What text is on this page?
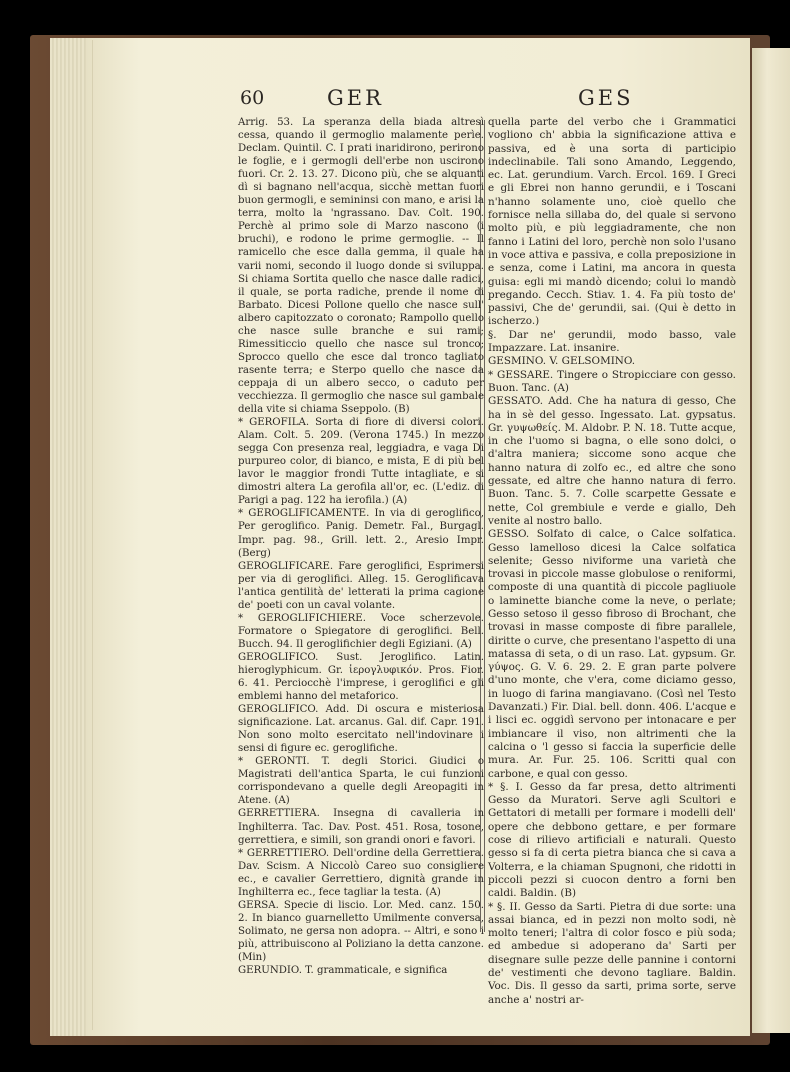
60	GER	GES

Arrig. 53. La speranza della biada altresì cessa, quando il germoglio malamente perìe. Declam. Quintil. C. I prati inaridirono, perirono le foglie, e i germogli dell'erbe non uscirono fuori. Cr. 2. 13. 27. Dicono più, che se alquanti dì si bagnano nell'acqua, sicchè mettan fuori buon germogli, e semininsi con mano, e arisi la terra, molto la 'ngrassano. Dav. Colt. 190. Perchè al primo sole di Marzo nascono (i bruchi), e rodono le prime germoglie. -- Il ramicello che esce dalla gemma, il quale ha varii nomi, secondo il luogo donde si sviluppa. Si chiama Sortita quello che nasce dalle radici, il quale, se porta radiche, prende il nome di Barbato. Dicesi Pollone quello che nasce sull' albero capitozzato o coronato; Rampollo quello che nasce sulle branche e sui rami; Rimessiticcio quello che nasce sul tronco; Sprocco quello che esce dal tronco tagliato rasente terra; e Sterpo quello che nasce da ceppaja di un albero secco, o caduto per vecchiezza. Il germoglio che nasce sul gambale della vite si chiama Sseppolo. (B)

* GEROFILA. Sorta di fiore di diversi colori. Alam. Colt. 5. 209. (Verona 1745.) In mezzo segga Con presenza real, leggiadra, e vaga Di purpureo color, di bianco, e mista, E di più bel lavor le maggior frondi Tutte intagliate, e si dimostri altera La gerofila all'or, ec. (L'ediz. di Parigi a pag. 122 ha ierofila.) (A)

* GEROGLIFICAMENTE. In via di geroglifico, Per geroglifico. Panig. Demetr. Fal., Burgagl. Impr. pag. 98., Grill. lett. 2., Aresio Impr. (Berg)

GEROGLIFICARE. Fare geroglifici, Esprimersi per via di geroglifici. Alleg. 15. Geroglificava l'antica gentilità de' letterati la prima cagione de' poeti con un caval volante.

* GEROGLIFICHIERE. Voce scherzevole. Formatore o Spiegatore di geroglifici. Bell. Bucch. 94. Il geroglifichier degli Egiziani. (A)

GEROGLIFICO. Sust. Jeroglifico. Latin. hieroglyphicum. Gr. ἱερογλυφικόν. Pros. Fior. 6. 41. Perciocchè l'imprese, i geroglifici e gli emblemi hanno del metaforico.

GEROGLIFICO. Add. Di oscura e misteriosa significazione. Lat. arcanus. Gal. dif. Capr. 191. Non sono molto esercitato nell'indovinare i sensi di figure ec. geroglifiche.

* GERONTI. T. degli Storici. Giudici o Magistrati dell'antica Sparta, le cui funzioni corrispondevano a quelle degli Areopagiti in Atene. (A)

GERRETTIERA. Insegna di cavalleria in Inghilterra. Tac. Dav. Post. 451. Rosa, tosone, gerrettiera, e simili, son grandi onori e favori.

* GERRETTIERO. Dell'ordine della Gerrettiera. Dav. Scism. A Niccolò Careo suo consigliere ec., e cavalier Gerrettiero, dignità grande in Inghilterra ec., fece tagliar la testa. (A)

GERSA. Specie di liscio. Lor. Med. canz. 150. 2. In bianco guarnelletto Umilmente conversa, Solimato, ne gersa non adopra. -- Altri, e sono i più, attribuiscono al Poliziano la detta canzone. (Min)

GERUNDIO. T. grammaticale, e significa

quella parte del verbo che i Grammatici vogliono ch' abbia la significazione attiva e passiva, ed è una sorta di participio indeclinabile. Tali sono Amando, Leggendo, ec. Lat. gerundium. Varch. Ercol. 169. I Greci e gli Ebrei non hanno gerundii, e i Toscani n'hanno solamente uno, cioè quello che fornisce nella sillaba do, del quale si servono molto più, e più leggiadramente, che non fanno i Latini del loro, perchè non solo l'usano in voce attiva e passiva, e colla preposizione in e senza, come i Latini, ma ancora in questa guisa: egli mi mandò dicendo; colui lo mandò pregando. Cecch. Stiav. 1. 4. Fa più tosto de' passivi, Che de' gerundii, sai. (Qui è detto in ischerzo.)

§. Dar ne' gerundii, modo basso, vale Impazzare. Lat. insanire.

GESMINO. V. GELSOMINO.

* GESSARE. Tingere o Stropicciare con gesso. Buon. Tanc. (A)

GESSATO. Add. Che ha natura di gesso, Che ha in sè del gesso. Ingessato. Lat. gypsatus. Gr. γυψωθείς. M. Aldobr. P. N. 18. Tutte acque, in che l'uomo si bagna, o elle sono dolci, o d'altra maniera; siccome sono acque che hanno natura di zolfo ec., ed altre che sono gessate, ed altre che hanno natura di ferro. Buon. Tanc. 5. 7. Colle scarpette Gessate e nette, Col grembiule e verde e giallo, Deh venite al nostro ballo.

GESSO. Solfato di calce, o Calce solfatica. Gesso lamelloso dicesi la Calce solfatica selenite; Gesso niviforme una varietà che trovasi in piccole masse globulose o reniformi, composte di una quantità di piccole pagliuole o laminette bianche come la neve, o perlate; Gesso setoso il gesso fibroso di Brochant, che trovasi in masse composte di fibre parallele, diritte o curve, che presentano l'aspetto di una matassa di seta, o di un raso. Lat. gypsum. Gr. γύψος. G. V. 6. 29. 2. E gran parte polvere d'uno monte, che v'era, come diciamo gesso, in luogo di farina mangiavano. (Così nel Testo Davanzati.) Fir. Dial. bell. donn. 406. L'acque e i lisci ec. oggidì servono per intonacare e per imbiancare il viso, non altrimenti che la calcina o 'l gesso si faccia la superficie delle mura. Ar. Fur. 25. 106. Scritti qual con carbone, e qual con gesso.

* §. I. Gesso da far presa, detto altrimenti Gesso da Muratori. Serve agli Scultori e Gettatori di metalli per formare i modelli dell' opere che debbono gettare, e per formare cose di rilievo artificiali e naturali. Questo gesso si fa di certa pietra bianca che si cava a Volterra, e la chiaman Spugnoni, che ridotti in piccoli pezzi si cuocon dentro a forni ben caldi. Baldin. (B)

* §. II. Gesso da Sarti. Pietra di due sorte: una assai bianca, ed in pezzi non molto sodi, nè molto teneri; l'altra di color fosco e più soda; ed ambedue si adoperano da' Sarti per disegnare sulle pezze delle pannine i contorni de' vestimenti che devono tagliare. Baldin. Voc. Dis. Il gesso da sarti, prima sorte, serve anche a' nostri ar-
